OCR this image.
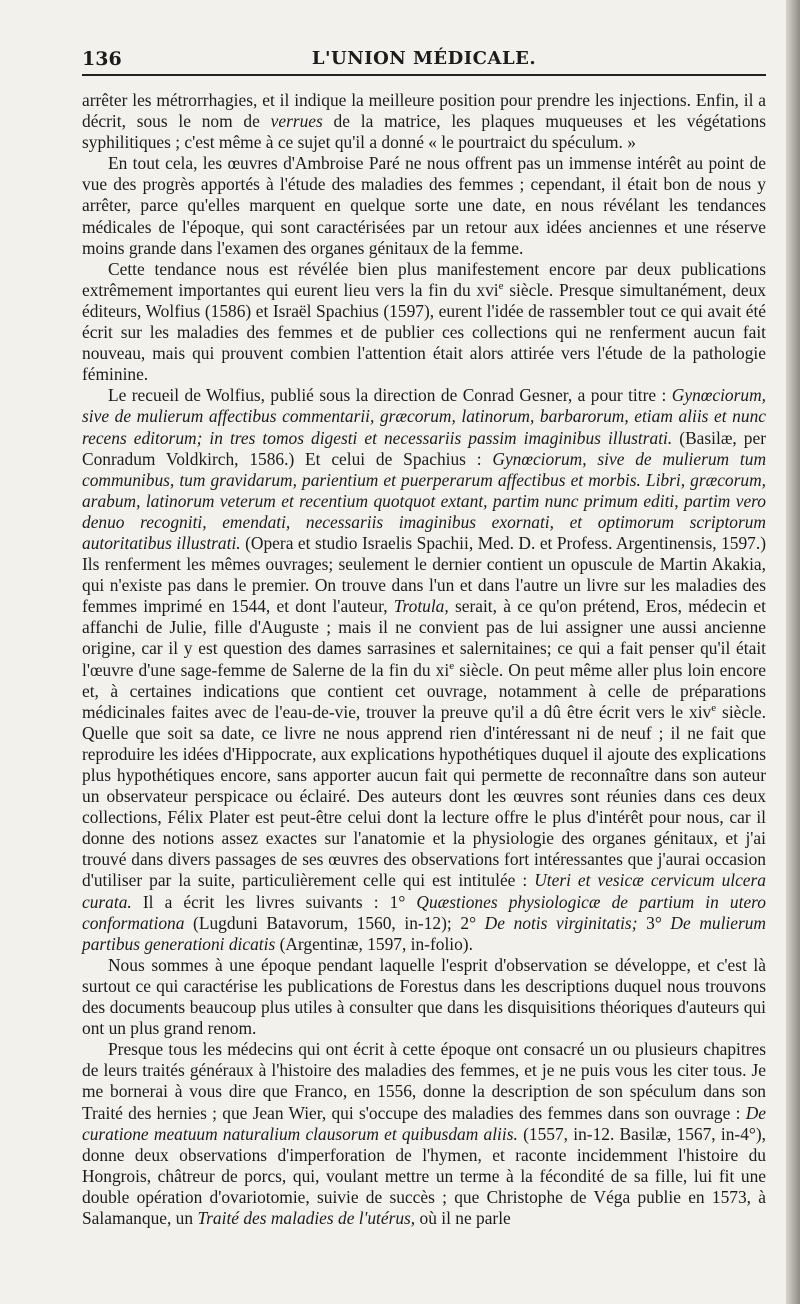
136	L'UNION MÉDICALE.

arrêter les métrorrhagies, et il indique la meilleure position pour prendre les injections. Enfin, il a décrit, sous le nom de verrues de la matrice, les plaques muqueuses et les végétations syphilitiques ; c'est même à ce sujet qu'il a donné « le pourtraict du spéculum. »

En tout cela, les œuvres d'Ambroise Paré ne nous offrent pas un immense intérêt au point de vue des progrès apportés à l'étude des maladies des femmes ; cependant, il était bon de nous y arrêter, parce qu'elles marquent en quelque sorte une date, en nous révélant les tendances médicales de l'époque, qui sont caractérisées par un retour aux idées anciennes et une réserve moins grande dans l'examen des organes génitaux de la femme.

Cette tendance nous est révélée bien plus manifestement encore par deux publications extrêmement importantes qui eurent lieu vers la fin du xvi$^e$ siècle. Presque simultanément, deux éditeurs, Wolfius (1586) et Israël Spachius (1597), eurent l'idée de rassembler tout ce qui avait été écrit sur les maladies des femmes et de publier ces collections qui ne renferment aucun fait nouveau, mais qui prouvent combien l'attention était alors attirée vers l'étude de la pathologie féminine.

Le recueil de Wolfius, publié sous la direction de Conrad Gesner, a pour titre : Gynœciorum, sive de mulierum affectibus commentarii, græcorum, latinorum, barbarorum, etiam aliis et nunc recens editorum; in tres tomos digesti et necessariis passim imaginibus illustrati. (Basilæ, per Conradum Voldkirch, 1586.) Et celui de Spachius : Gynœciorum, sive de mulierum tum communibus, tum gravidarum, parientium et puerperarum affectibus et morbis. Libri, græcorum, arabum, latinorum veterum et recentium quotquot extant, partim nunc primum editi, partim vero denuo recogniti, emendati, necessariis imaginibus exornati, et optimorum scriptorum autoritatibus illustrati. (Opera et studio Israelis Spachii, Med. D. et Profess. Argentinensis, 1597.) Ils renferment les mêmes ouvrages; seulement le dernier contient un opuscule de Martin Akakia, qui n'existe pas dans le premier. On trouve dans l'un et dans l'autre un livre sur les maladies des femmes imprimé en 1544, et dont l'auteur, Trotula, serait, à ce qu'on prétend, Eros, médecin et affanchi de Julie, fille d'Auguste ; mais il ne convient pas de lui assigner une aussi ancienne origine, car il y est question des dames sarrasines et salernitaines; ce qui a fait penser qu'il était l'œuvre d'une sage-femme de Salerne de la fin du $xi^e$ siècle. On peut même aller plus loin encore et, à certaines indications que contient cet ouvrage, notamment à celle de préparations médicinales faites avec de l'eau-de-vie, trouver la preuve qu'il a dû être écrit vers le xiv$^e$ siècle. Quelle que soit sa date, ce livre ne nous apprend rien d'intéressant ni de neuf ; il ne fait que reproduire les idées d'Hippocrate, aux explications hypothétiques duquel il ajoute des explications plus hypothétiques encore, sans apporter aucun fait qui permette de reconnaître dans son auteur un observateur perspicace ou éclairé. Des auteurs dont les œuvres sont réunies dans ces deux collections, Félix Plater est peut-être celui dont la lecture offre le plus d'intérêt pour nous, car il donne des notions assez exactes sur l'anatomie et la physiologie des organes génitaux, et j'ai trouvé dans divers passages de ses œuvres des observations fort intéressantes que j'aurai occasion d'utiliser par la suite, particulièrement celle qui est intitulée : Uteri et vesicæ cervicum ulcera curata. Il a écrit les livres suivants : 1° Quæstiones physiologicæ de partium in utero conformationa (Lugduni Batavorum, 1560, in-12); 2° De notis virginitatis; 3° De mulierum partibus generationi dicatis (Argentinæ, 1597, in-folio).

Nous sommes à une époque pendant laquelle l'esprit d'observation se développe, et c'est là surtout ce qui caractérise les publications de Forestus dans les descriptions duquel nous trouvons des documents beaucoup plus utiles à consulter que dans les disquisitions théoriques d'auteurs qui ont un plus grand renom.

Presque tous les médecins qui ont écrit à cette époque ont consacré un ou plusieurs chapitres de leurs traités généraux à l'histoire des maladies des femmes, et je ne puis vous les citer tous. Je me bornerai à vous dire que Franco, en 1556, donne la description de son spéculum dans son Traité des hernies ; que Jean Wier, qui s'occupe des maladies des femmes dans son ouvrage : De curatione meatuum naturalium clausorum et quibusdam aliis. (1557, in-12. Basilæ, 1567, in-4°), donne deux observations d'imperforation de l'hymen, et raconte incidemment l'histoire du Hongrois, châtreur de porcs, qui, voulant mettre un terme à la fécondité de sa fille, lui fit une double opération d'ovariotomie, suivie de succès ; que Christophe de Véga publie en 1573, à Salamanque, un Traité des maladies de l'utérus, où il ne parle
